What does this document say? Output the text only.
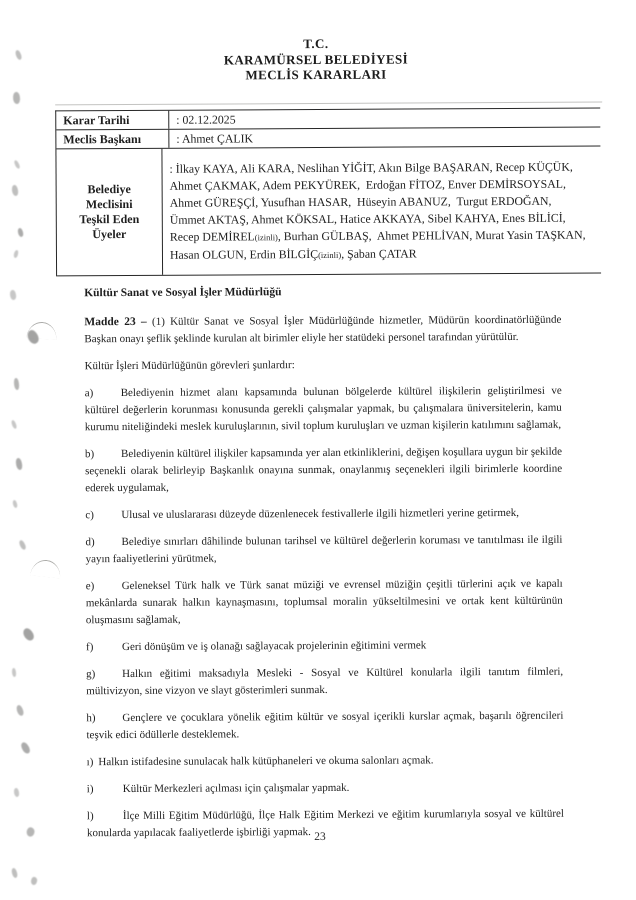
T.C.
KARAMÜRSEL BELEDİYESİ
MECLİS KARARLARI
Karar Tarihi	: 02.12.2025
Meclis Başkanı	: Ahmet ÇALIK
Belediye
Meclisini
Teşkil Eden
Üyeler
: İlkay KAYA, Ali KARA, Neslihan YİĞİT, Akın Bilge BAŞARAN, Recep KÜÇÜK,
Ahmet ÇAKMAK, Adem PEKYÜREK,  Erdoğan FİTOZ, Enver DEMİRSOYSAL,
Ahmet GÜREŞÇİ, Yusufhan HASAR,  Hüseyin ABANUZ,  Turgut ERDOĞAN,
Ümmet AKTAŞ, Ahmet KÖKSAL, Hatice AKKAYA, Sibel KAHYA, Enes BİLİCİ,
Recep DEMİREL(izinli), Burhan GÜLBAŞ,  Ahmet PEHLİVAN, Murat Yasin TAŞKAN,
Hasan OLGUN, Erdin BİLGİÇ(izinli), Şaban ÇATAR

Kültür Sanat ve Sosyal İşler Müdürlüğü

Madde 23 – (1) Kültür Sanat ve Sosyal İşler Müdürlüğünde hizmetler, Müdürün koordinatörlüğünde Başkan onayı şeflik şeklinde kurulan alt birimler eliyle her statüdeki personel tarafından yürütülür.

Kültür İşleri Müdürlüğünün görevleri şunlardır:

a) Belediyenin hizmet alanı kapsamında bulunan bölgelerde kültürel ilişkilerin geliştirilmesi ve kültürel değerlerin korunması konusunda gerekli çalışmalar yapmak, bu çalışmalara üniversitelerin, kamu kurumu niteliğindeki meslek kuruluşlarının, sivil toplum kuruluşları ve uzman kişilerin katılımını sağlamak,

b) Belediyenin kültürel ilişkiler kapsamında yer alan etkinliklerini, değişen koşullara uygun bir şekilde seçenekli olarak belirleyip Başkanlık onayına sunmak, onaylanmış seçenekleri ilgili birimlerle koordine ederek uygulamak,

c) Ulusal ve uluslararası düzeyde düzenlenecek festivallerle ilgili hizmetleri yerine getirmek,

d) Belediye sınırları dâhilinde bulunan tarihsel ve kültürel değerlerin koruması ve tanıtılması ile ilgili yayın faaliyetlerini yürütmek,

e) Geleneksel Türk halk ve Türk sanat müziği ve evrensel müziğin çeşitli türlerini açık ve kapalı mekânlarda sunarak halkın kaynaşmasını, toplumsal moralin yükseltilmesini ve ortak kent kültürünün oluşmasını sağlamak,

f)	Geri dönüşüm ve iş olanağı sağlayacak projelerinin eğitimini vermek

g) Halkın eğitimi maksadıyla Mesleki - Sosyal ve Kültürel konularla ilgili tanıtım filmleri, mültivizyon, sine vizyon ve slayt gösterimleri sunmak.

h) Gençlere ve çocuklara yönelik eğitim kültür ve sosyal içerikli kurslar açmak, başarılı öğrencileri teşvik edici ödüllerle desteklemek.

ı) Halkın istifadesine sunulacak halk kütüphaneleri ve okuma salonları açmak.

i)	Kültür Merkezleri açılması için çalışmalar yapmak.

l)	İlçe Milli Eğitim Müdürlüğü, İlçe Halk Eğitim Merkezi ve eğitim kurumlarıyla sosyal ve kültürel konularda yapılacak faaliyetlerde işbirliği yapmak. 23
